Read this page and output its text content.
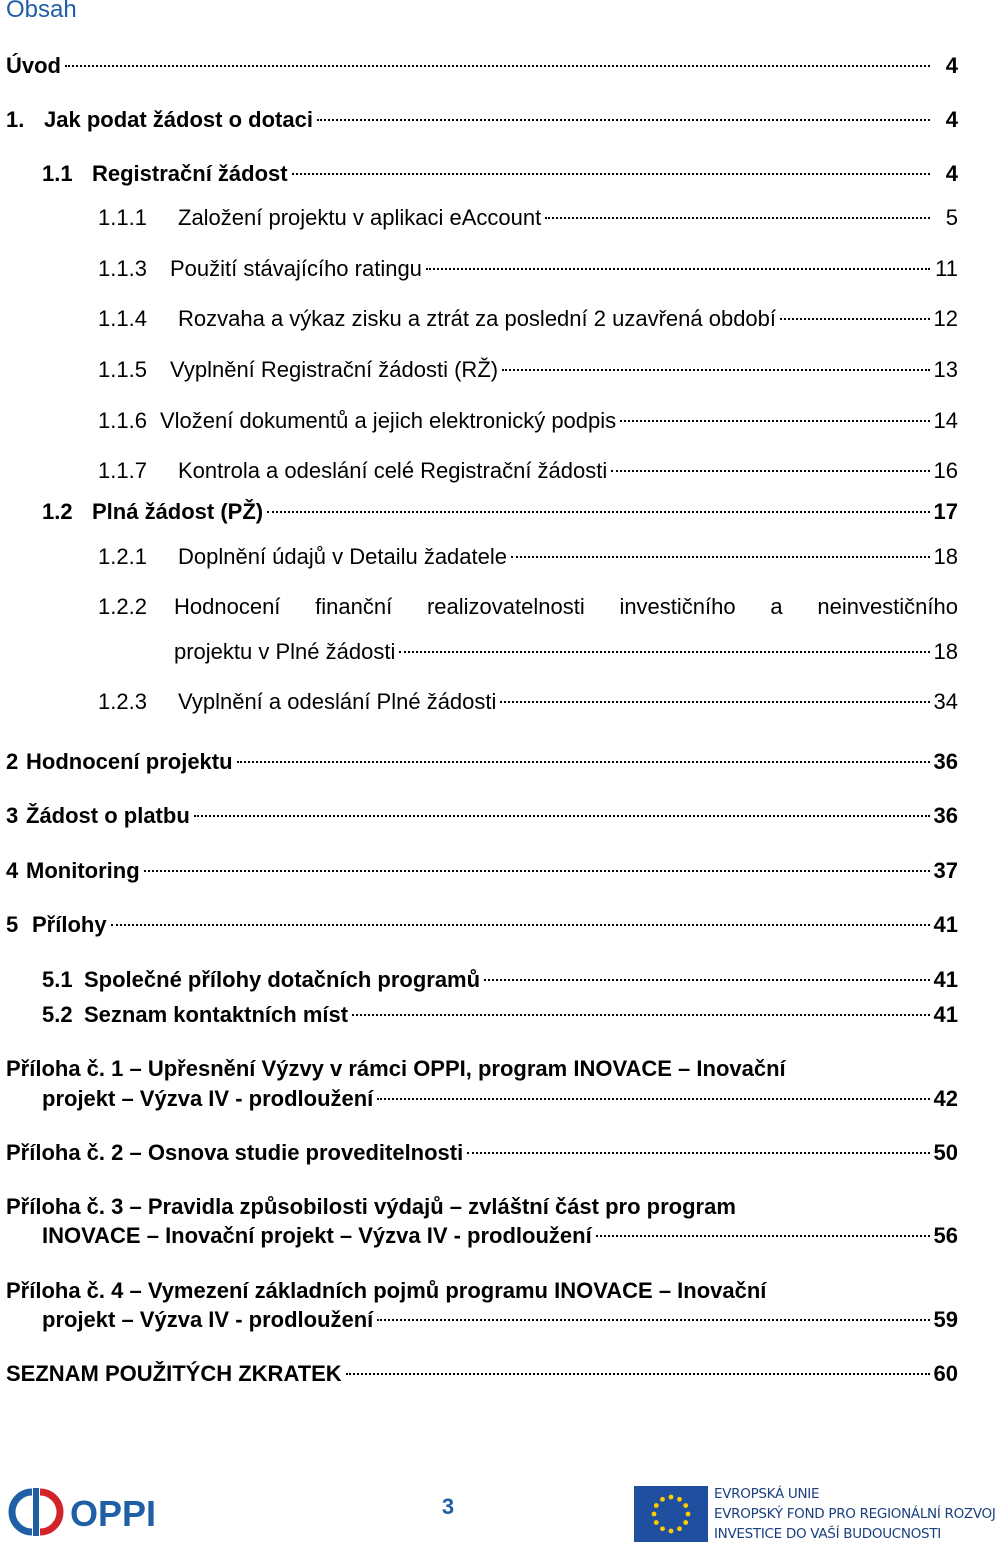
Obsah
Úvod	4
1. Jak podat žádost o dotaci	4
1.1 Registrační žádost	4
1.1.1 Založení projektu v aplikaci eAccount	5
1.1.3 Použití stávajícího ratingu	11
1.1.4 Rozvaha a výkaz zisku a ztrát za poslední 2 uzavřená období	12
1.1.5 Vyplnění Registrační žádosti (RŽ)	13
1.1.6 Vložení dokumentů a jejich elektronický podpis	14
1.1.7 Kontrola a odeslání celé Registrační žádosti	16
1.2 Plná žádost (PŽ)	17
1.2.1 Doplnění údajů v Detailu žadatele	18
1.2.2 Hodnocení finanční realizovatelnosti investičního a neinvestičního
projektu v Plné žádosti	18
1.2.3 Vyplnění a odeslání Plné žádosti	34
2 Hodnocení projektu	36
3 Žádost o platbu	36
4 Monitoring	37
5 Přílohy	41
5.1 Společné přílohy dotačních programů	41
5.2 Seznam kontaktních míst	41
Příloha č. 1 – Upřesnění Výzvy v rámci OPPI, program INOVACE – Inovační
projekt – Výzva IV - prodloužení	42
Příloha č. 2 – Osnova studie proveditelnosti	50
Příloha č. 3 – Pravidla způsobilosti výdajů – zvláštní část pro program
INOVACE – Inovační projekt – Výzva IV - prodloužení	56
Příloha č. 4 – Vymezení základních pojmů programu INOVACE – Inovační
projekt – Výzva IV - prodloužení	59
SEZNAM POUŽITÝCH ZKRATEK	60
OPPI	3	EVROPSKÁ UNIE
EVROPSKÝ FOND PRO REGIONÁLNÍ ROZVOJ
INVESTICE DO VAŠÍ BUDOUCNOSTI
